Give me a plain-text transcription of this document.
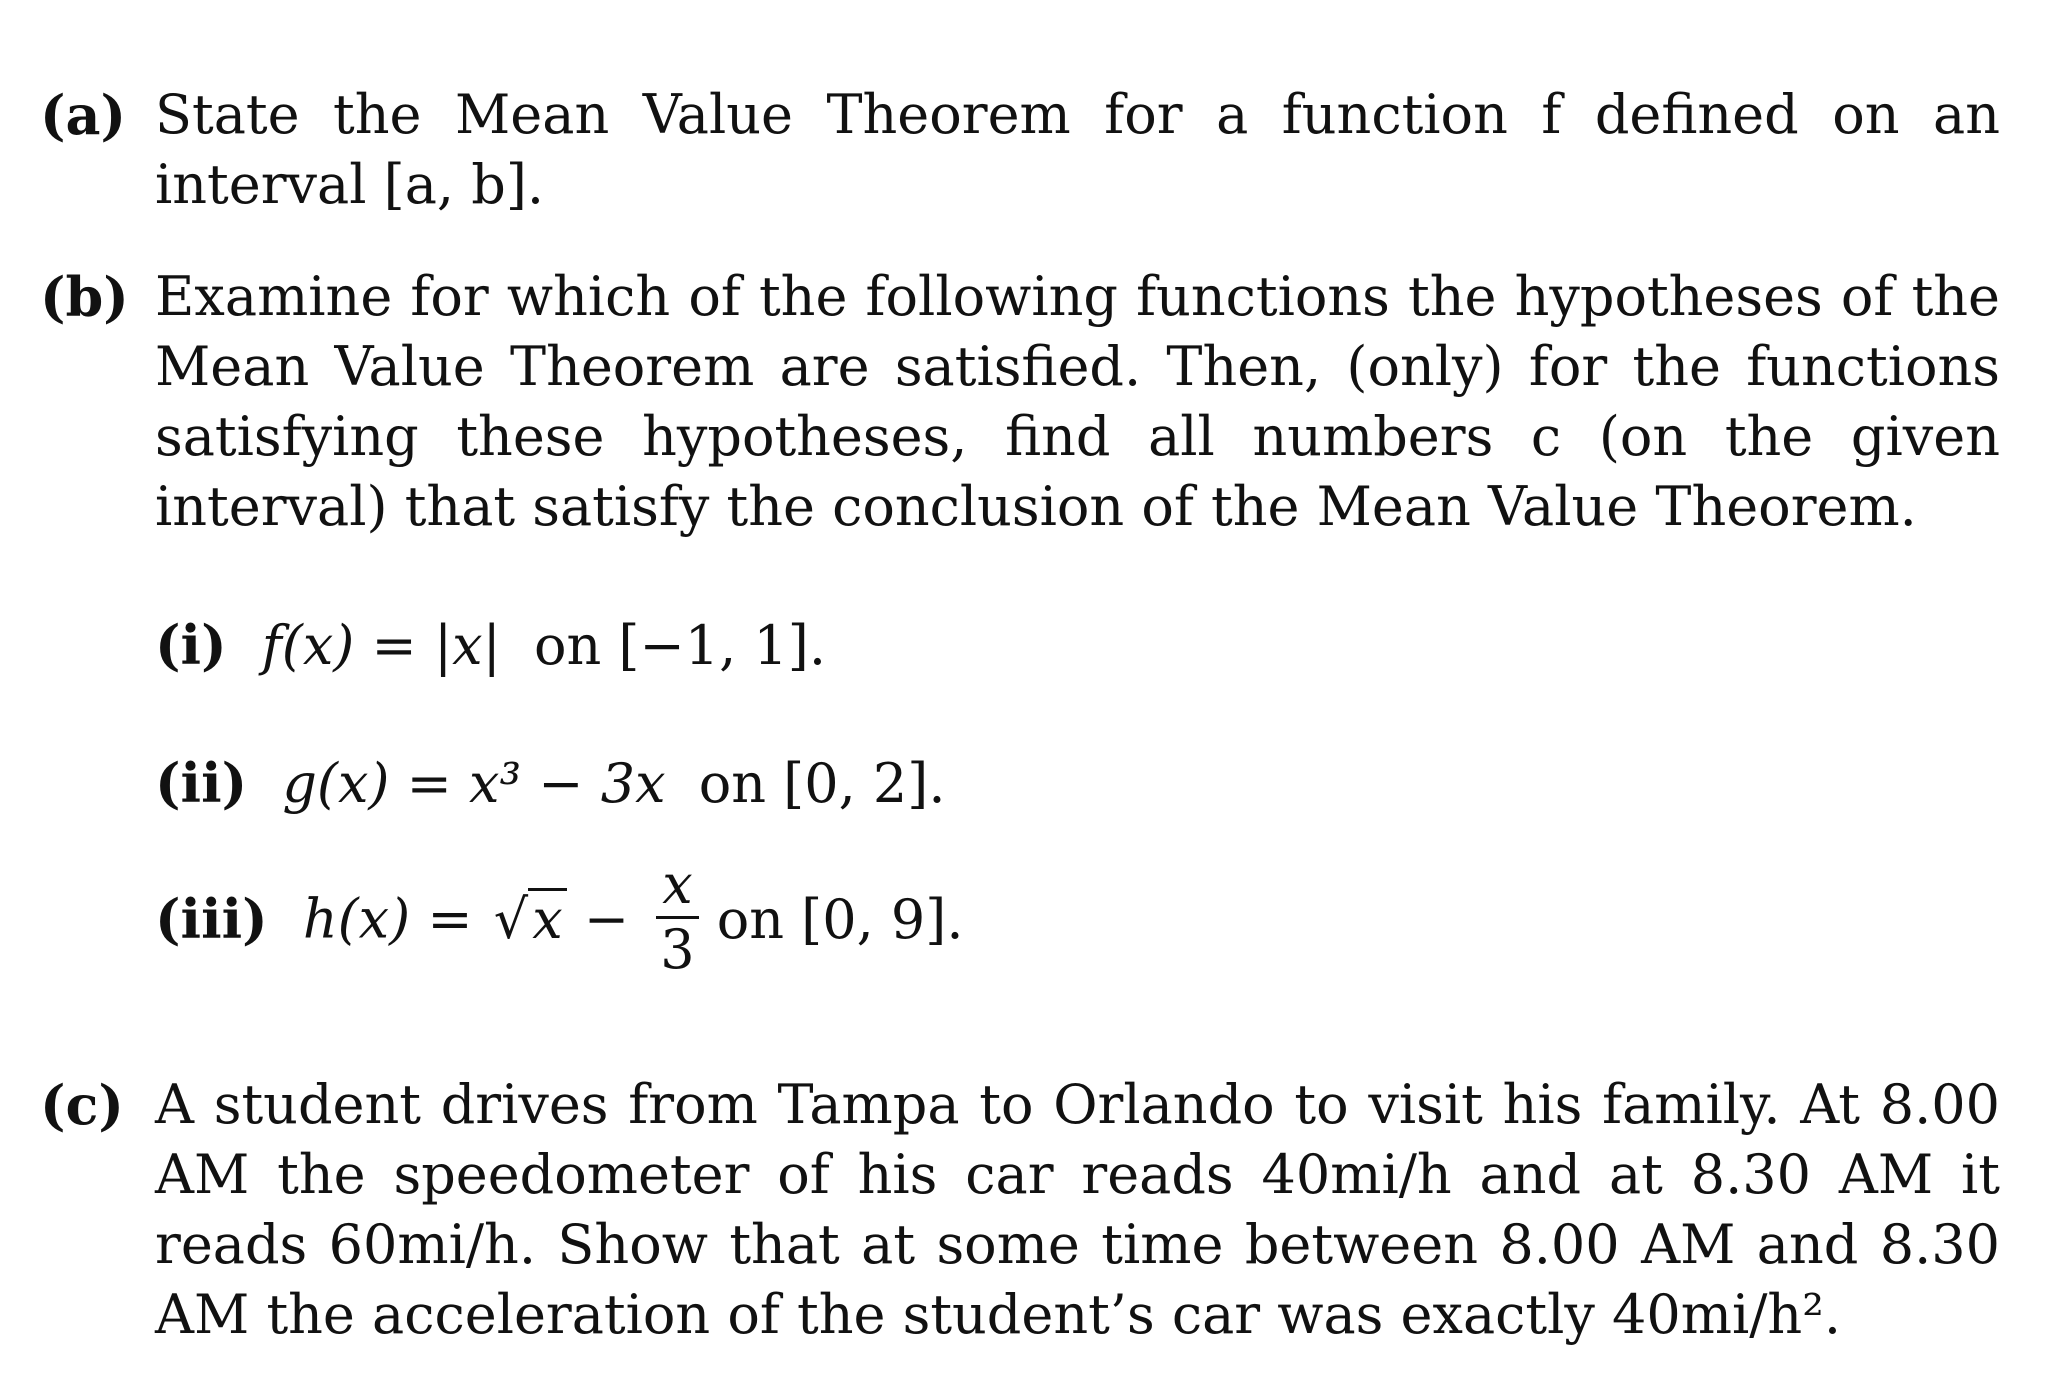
(a) State the Mean Value Theorem for a function f defined on an interval [a, b].

(b) Examine for which of the following functions the hypotheses of the Mean Value Theorem are satisfied. Then, (only) for the functions satisfying these hypotheses, find all numbers c (on the given interval) that satisfy the conclusion of the Mean Value Theorem.

(i) f(x) = |x| on [−1, 1].
(ii) g(x) = x³ − 3x on [0, 2].
(iii) $h(x) = √x - \frac{x}{3}$ on [0, 9].
(c) A student drives from Tampa to Orlando to visit his family. At 8.00 AM the speedometer of his car reads 40mi/h and at 8.30 AM it reads 60mi/h. Show that at some time between 8.00 AM and 8.30 AM the acceleration of the student’s car was exactly 40mi/h².
